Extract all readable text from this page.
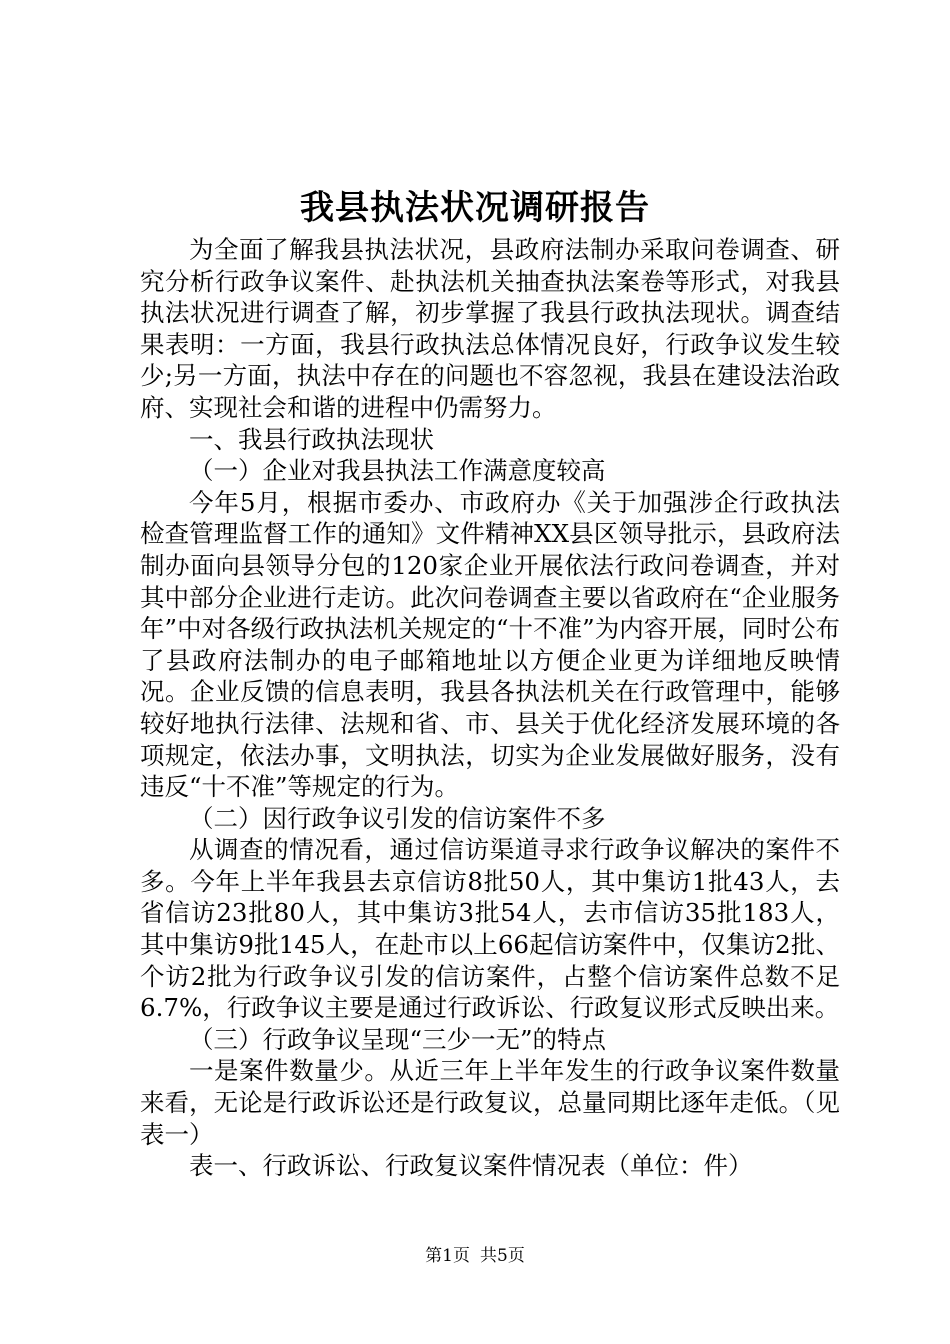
我县执法状况调研报告

为全面了解我县执法状况，县政府法制办采取问卷调查、研究分析行政争议案件、赴执法机关抽查执法案卷等形式，对我县执法状况进行调查了解，初步掌握了我县行政执法现状。调查结果表明：一方面，我县行政执法总体情况良好，行政争议发生较少;另一方面，执法中存在的问题也不容忽视，我县在建设法治政府、实现社会和谐的进程中仍需努力。

一、我县行政执法现状

（一）企业对我县执法工作满意度较高

今年5月，根据市委办、市政府办《关于加强涉企行政执法检查管理监督工作的通知》文件精神XX县区领导批示，县政府法制办面向县领导分包的120家企业开展依法行政问卷调查，并对其中部分企业进行走访。此次问卷调查主要以省政府在“企业服务年”中对各级行政执法机关规定的“十不准”为内容开展，同时公布了县政府法制办的电子邮箱地址以方便企业更为详细地反映情况。企业反馈的信息表明，我县各执法机关在行政管理中，能够较好地执行法律、法规和省、市、县关于优化经济发展环境的各项规定，依法办事，文明执法，切实为企业发展做好服务，没有违反“十不准”等规定的行为。

（二）因行政争议引发的信访案件不多

从调查的情况看，通过信访渠道寻求行政争议解决的案件不多。今年上半年我县去京信访8批50人，其中集访1批43人，去省信访23批80人，其中集访3批54人，去市信访35批183人，其中集访9批145人，在赴市以上66起信访案件中，仅集访2批、个访2批为行政争议引发的信访案件，占整个信访案件总数不足6.7%，行政争议主要是通过行政诉讼、行政复议形式反映出来。

（三）行政争议呈现“三少一无”的特点

一是案件数量少。从近三年上半年发生的行政争议案件数量来看，无论是行政诉讼还是行政复议，总量同期比逐年走低。（见表一）

表一、行政诉讼、行政复议案件情况表（单位：件）

第1页 共5页
